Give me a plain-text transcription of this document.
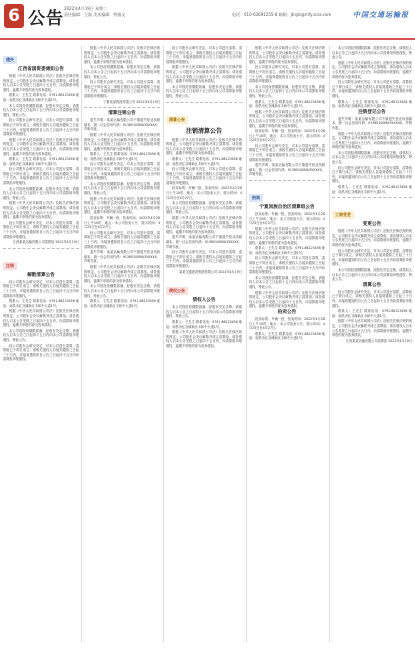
6 公告
2022年4月19日 星期二
责任编辑：王磊 美术编辑：曾雅文	电话：010-63691255-8 邮箱：jtnyb@rnfy.sina.com	中国交通运输报
遗失
江西省国资委通知公告

根据《中华人民共和国公司法》及相关法律法规的规定，公司股东会决议解散并成立清算组。请各债权人自本公告见报之日起四十五日内，向清算组申报债权，逾期不申报的视为放弃债权。

联系人：王先生 联系电话：0791-86123456 地址：南昌市红谷滩新区丰和中大道1号。

本公司因经营期限届满，经股东决定注销，请债权人自本公告之日起四十五日内向本公司清算组申报债权，特此公告。

经公司股东会研究决定，对本公司进行清算，清算组已于即日成立，请相关债权人自接到通知之日起三十日内，未接到通知的自公告之日起四十五日内向清算组申报债权。

根据《中华人民共和国公司法》及相关法律法规的规定，公司股东会决议解散并成立清算组。请各债权人自本公告见报之日起四十五日内，向清算组申报债权，逾期不申报的视为放弃债权。

联系人：王先生 联系电话：0791-86123456 地址：南昌市红谷滩新区丰和中大道1号。

经公司股东会研究决定，对本公司进行清算，清算组已于即日成立，请相关债权人自接到通知之日起三十日内，未接到通知的自公告之日起四十五日内向清算组申报债权。

本公司因经营期限届满，经股东决定注销，请债权人自本公告之日起四十五日内向本公司清算组申报债权，特此公告。

根据《中华人民共和国公司法》及相关法律法规的规定，公司股东会决议解散并成立清算组。请各债权人自本公告见报之日起四十五日内，向清算组申报债权，逾期不申报的视为放弃债权。

经公司股东会研究决定，对本公司进行清算，清算组已于即日成立，请相关债权人自接到通知之日起三十日内，未接到通知的自公告之日起四十五日内向清算组申报债权。

江西某某运输有限公司清算组 2022年4月19日
注销
解散清算公告

经公司股东会研究决定，对本公司进行清算，清算组已于即日成立，请相关债权人自接到通知之日起三十日内，未接到通知的自公告之日起四十五日内向清算组申报债权。

联系人：王先生 联系电话：0791-86123456 地址：南昌市红谷滩新区丰和中大道1号。

根据《中华人民共和国公司法》及相关法律法规的规定，公司股东会决议解散并成立清算组。请各债权人自本公告见报之日起四十五日内，向清算组申报债权，逾期不申报的视为放弃债权。

本公司因经营期限届满，经股东决定注销，请债权人自本公告之日起四十五日内向本公司清算组申报债权，特此公告。

经公司股东会研究决定，对本公司进行清算，清算组已于即日成立，请相关债权人自接到通知之日起三十日内，未接到通知的自公告之日起四十五日内向清算组申报债权。

根据《中华人民共和国公司法》及相关法律法规的规定，公司股东会决议解散并成立清算组。请各债权人自本公告见报之日起四十五日内，向清算组申报债权，逾期不申报的视为放弃债权。

本公司因经营期限届满，经股东决定注销，请债权人自本公告之日起四十五日内向本公司清算组申报债权，特此公告。

经公司股东会研究决定，对本公司进行清算，清算组已于即日成立，请相关债权人自接到通知之日起三十日内，未接到通知的自公告之日起四十五日内向清算组申报债权。

宁夏某某物流有限公司 2022年4月19日
清算注销公告

遗失声明：某某运输有限公司不慎遗失营业执照副本，统一社会信用代码：91360100MA35XXXX，声明作废。

根据《中华人民共和国公司法》及相关法律法规的规定，公司股东会决议解散并成立清算组。请各债权人自本公告见报之日起四十五日内，向清算组申报债权，逾期不申报的视为放弃债权。

联系人：王先生 联系电话：0791-86123456 地址：南昌市红谷滩新区丰和中大道1号。

经公司股东会研究决定，对本公司进行清算，清算组已于即日成立，请相关债权人自接到通知之日起三十日内，未接到通知的自公告之日起四十五日内向清算组申报债权。

本公司因经营期限届满，经股东决定注销，请债权人自本公告之日起四十五日内向本公司清算组申报债权，特此公告。

根据《中华人民共和国公司法》及相关法律法规的规定，公司股东会决议解散并成立清算组。请各债权人自本公告见报之日起四十五日内，向清算组申报债权，逾期不申报的视为放弃债权。

拍卖标的：车辆一批，拍卖时间：2022年4月28日上午10时，地点：本公司拍卖大厅，展示时间：4月25日至4月27日。

经公司股东会研究决定，对本公司进行清算，清算组已于即日成立，请相关债权人自接到通知之日起三十日内，未接到通知的自公告之日起四十五日内向清算组申报债权。

遗失声明：某某运输有限公司不慎遗失营业执照副本，统一社会信用代码：91360100MA35XXXX，声明作废。

根据《中华人民共和国公司法》及相关法律法规的规定，公司股东会决议解散并成立清算组。请各债权人自本公告见报之日起四十五日内，向清算组申报债权，逾期不申报的视为放弃债权。

本公司因经营期限届满，经股东决定注销，请债权人自本公告之日起四十五日内向本公司清算组申报债权，特此公告。

联系人：王先生 联系电话：0791-86123456 地址：南昌市红谷滩新区丰和中大道1号。

经公司股东会研究决定，对本公司进行清算，清算组已于即日成立，请相关债权人自接到通知之日起三十日内，未接到通知的自公告之日起四十五日内向清算组申报债权。

根据《中华人民共和国公司法》及相关法律法规的规定，公司股东会决议解散并成立清算组。请各债权人自本公告见报之日起四十五日内，向清算组申报债权，逾期不申报的视为放弃债权。

本公司因经营期限届满，经股东决定注销，请债权人自本公告之日起四十五日内向本公司清算组申报债权，特此公告。

清算公告
注销清算公告

根据《中华人民共和国公司法》及相关法律法规的规定，公司股东会决议解散并成立清算组。请各债权人自本公告见报之日起四十五日内，向清算组申报债权，逾期不申报的视为放弃债权。

联系人：王先生 联系电话：0791-86123456 地址：南昌市红谷滩新区丰和中大道1号。

经公司股东会研究决定，对本公司进行清算，清算组已于即日成立，请相关债权人自接到通知之日起三十日内，未接到通知的自公告之日起四十五日内向清算组申报债权。

拍卖标的：车辆一批，拍卖时间：2022年4月28日上午10时，地点：本公司拍卖大厅，展示时间：4月25日至4月27日。

本公司因经营期限届满，经股东决定注销，请债权人自本公告之日起四十五日内向本公司清算组申报债权，特此公告。

根据《中华人民共和国公司法》及相关法律法规的规定，公司股东会决议解散并成立清算组。请各债权人自本公告见报之日起四十五日内，向清算组申报债权，逾期不申报的视为放弃债权。

遗失声明：某某运输有限公司不慎遗失营业执照副本，统一社会信用代码：91360100MA35XXXX，声明作废。

经公司股东会研究决定，对本公司进行清算，清算组已于即日成立，请相关债权人自接到通知之日起三十日内，未接到通知的自公告之日起四十五日内向清算组申报债权。

某某交通建设集团有限公司 2022年4月19日
债权公告
债权人公告

本公司因经营期限届满，经股东决定注销，请债权人自本公告之日起四十五日内向本公司清算组申报债权，特此公告。

联系人：王先生 联系电话：0791-86123456 地址：南昌市红谷滩新区丰和中大道1号。

根据《中华人民共和国公司法》及相关法律法规的规定，公司股东会决议解散并成立清算组。请各债权人自本公告见报之日起四十五日内，向清算组申报债权，逾期不申报的视为放弃债权。

根据《中华人民共和国公司法》及相关法律法规的规定，公司股东会决议解散并成立清算组。请各债权人自本公告见报之日起四十五日内，向清算组申报债权，逾期不申报的视为放弃债权。

经公司股东会研究决定，对本公司进行清算，清算组已于即日成立，请相关债权人自接到通知之日起三十日内，未接到通知的自公告之日起四十五日内向清算组申报债权。

本公司因经营期限届满，经股东决定注销，请债权人自本公告之日起四十五日内向本公司清算组申报债权，特此公告。

联系人：王先生 联系电话：0791-86123456 地址：南昌市红谷滩新区丰和中大道1号。

根据《中华人民共和国公司法》及相关法律法规的规定，公司股东会决议解散并成立清算组。请各债权人自本公告见报之日起四十五日内，向清算组申报债权，逾期不申报的视为放弃债权。

拍卖标的：车辆一批，拍卖时间：2022年4月28日上午10时，地点：本公司拍卖大厅，展示时间：4月25日至4月27日。

经公司股东会研究决定，对本公司进行清算，清算组已于即日成立，请相关债权人自接到通知之日起三十日内，未接到通知的自公告之日起四十五日内向清算组申报债权。

遗失声明：某某运输有限公司不慎遗失营业执照副本，统一社会信用代码：91360100MA35XXXX，声明作废。

拍卖
宁夏回族自治区清算组公告

拍卖标的：车辆一批，拍卖时间：2022年4月28日上午10时，地点：本公司拍卖大厅，展示时间：4月25日至4月27日。

根据《中华人民共和国公司法》及相关法律法规的规定，公司股东会决议解散并成立清算组。请各债权人自本公告见报之日起四十五日内，向清算组申报债权，逾期不申报的视为放弃债权。

联系人：王先生 联系电话：0791-86123456 地址：南昌市红谷滩新区丰和中大道1号。

经公司股东会研究决定，对本公司进行清算，清算组已于即日成立，请相关债权人自接到通知之日起三十日内，未接到通知的自公告之日起四十五日内向清算组申报债权。

本公司因经营期限届满，经股东决定注销，请债权人自本公告之日起四十五日内向本公司清算组申报债权，特此公告。

根据《中华人民共和国公司法》及相关法律法规的规定，公司股东会决议解散并成立清算组。请各债权人自本公告见报之日起四十五日内，向清算组申报债权，逾期不申报的视为放弃债权。

拍卖公告

拍卖标的：车辆一批，拍卖时间：2022年4月28日上午10时，地点：本公司拍卖大厅，展示时间：4月25日至4月27日。

联系人：王先生 联系电话：0791-86123456 地址：南昌市红谷滩新区丰和中大道1号。

本公司因经营期限届满，经股东决定注销，请债权人自本公告之日起四十五日内向本公司清算组申报债权，特此公告。

根据《中华人民共和国公司法》及相关法律法规的规定，公司股东会决议解散并成立清算组。请各债权人自本公告见报之日起四十五日内，向清算组申报债权，逾期不申报的视为放弃债权。

经公司股东会研究决定，对本公司进行清算，清算组已于即日成立，请相关债权人自接到通知之日起三十日内，未接到通知的自公告之日起四十五日内向清算组申报债权。

联系人：王先生 联系电话：0791-86123456 地址：南昌市红谷滩新区丰和中大道1号。

注销登记公告

遗失声明：某某运输有限公司不慎遗失营业执照副本，统一社会信用代码：91360100MA35XXXX，声明作废。

根据《中华人民共和国公司法》及相关法律法规的规定，公司股东会决议解散并成立清算组。请各债权人自本公告见报之日起四十五日内，向清算组申报债权，逾期不申报的视为放弃债权。

本公司因经营期限届满，经股东决定注销，请债权人自本公告之日起四十五日内向本公司清算组申报债权，特此公告。

经公司股东会研究决定，对本公司进行清算，清算组已于即日成立，请相关债权人自接到通知之日起三十日内，未接到通知的自公告之日起四十五日内向清算组申报债权。

联系人：王先生 联系电话：0791-86123456 地址：南昌市红谷滩新区丰和中大道1号。

工商变更
变更公告

根据《中华人民共和国公司法》及相关法律法规的规定，公司股东会决议解散并成立清算组。请各债权人自本公告见报之日起四十五日内，向清算组申报债权，逾期不申报的视为放弃债权。

经公司股东会研究决定，对本公司进行清算，清算组已于即日成立，请相关债权人自接到通知之日起三十日内，未接到通知的自公告之日起四十五日内向清算组申报债权。

本公司因经营期限届满，经股东决定注销，请债权人自本公告之日起四十五日内向本公司清算组申报债权，特此公告。

清算公告

经公司股东会研究决定，对本公司进行清算，清算组已于即日成立，请相关债权人自接到通知之日起三十日内，未接到通知的自公告之日起四十五日内向清算组申报债权。

联系人：王先生 联系电话：0791-86123456 地址：南昌市红谷滩新区丰和中大道1号。

根据《中华人民共和国公司法》及相关法律法规的规定，公司股东会决议解散并成立清算组。请各债权人自本公告见报之日起四十五日内，向清算组申报债权，逾期不申报的视为放弃债权。

江西某某运输有限公司清算组 2022年4月19日
